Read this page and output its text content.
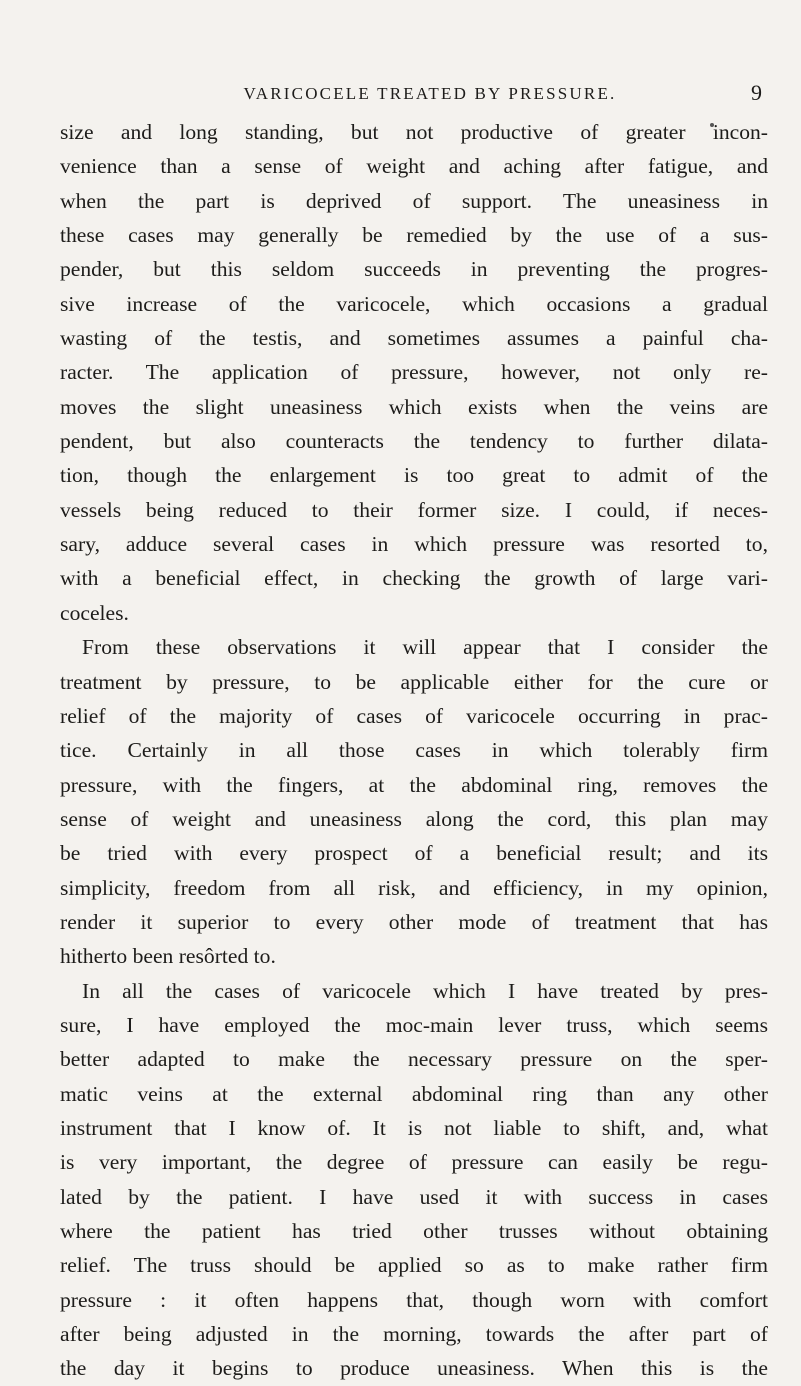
VARICOCELE TREATED BY PRESSURE.	9
size and long standing, but not productive of greater incon-
venience than a sense of weight and aching after fatigue, and
when the part is deprived of support. The uneasiness in
these cases may generally be remedied by the use of a sus-
pender, but this seldom succeeds in preventing the progres-
sive increase of the varicocele, which occasions a gradual
wasting of the testis, and sometimes assumes a painful cha-
racter. The application of pressure, however, not only re-
moves the slight uneasiness which exists when the veins are
pendent, but also counteracts the tendency to further dilata-
tion, though the enlargement is too great to admit of the
vessels being reduced to their former size. I could, if neces-
sary, adduce several cases in which pressure was resorted to,
with a beneficial effect, in checking the growth of large vari-
coceles.
From these observations it will appear that I consider the
treatment by pressure, to be applicable either for the cure or
relief of the majority of cases of varicocele occurring in prac-
tice. Certainly in all those cases in which tolerably firm
pressure, with the fingers, at the abdominal ring, removes the
sense of weight and uneasiness along the cord, this plan may
be tried with every prospect of a beneficial result; and its
simplicity, freedom from all risk, and efficiency, in my opinion,
render it superior to every other mode of treatment that has
hitherto been resôrted to.
In all the cases of varicocele which I have treated by pres-
sure, I have employed the moc-main lever truss, which seems
better adapted to make the necessary pressure on the sper-
matic veins at the external abdominal ring than any other
instrument that I know of. It is not liable to shift, and, what
is very important, the degree of pressure can easily be regu-
lated by the patient. I have used it with success in cases
where the patient has tried other trusses without obtaining
relief. The truss should be applied so as to make rather firm
pressure : it often happens that, though worn with comfort
after being adjusted in the morning, towards the after part of
the day it begins to produce uneasiness. When this is the
